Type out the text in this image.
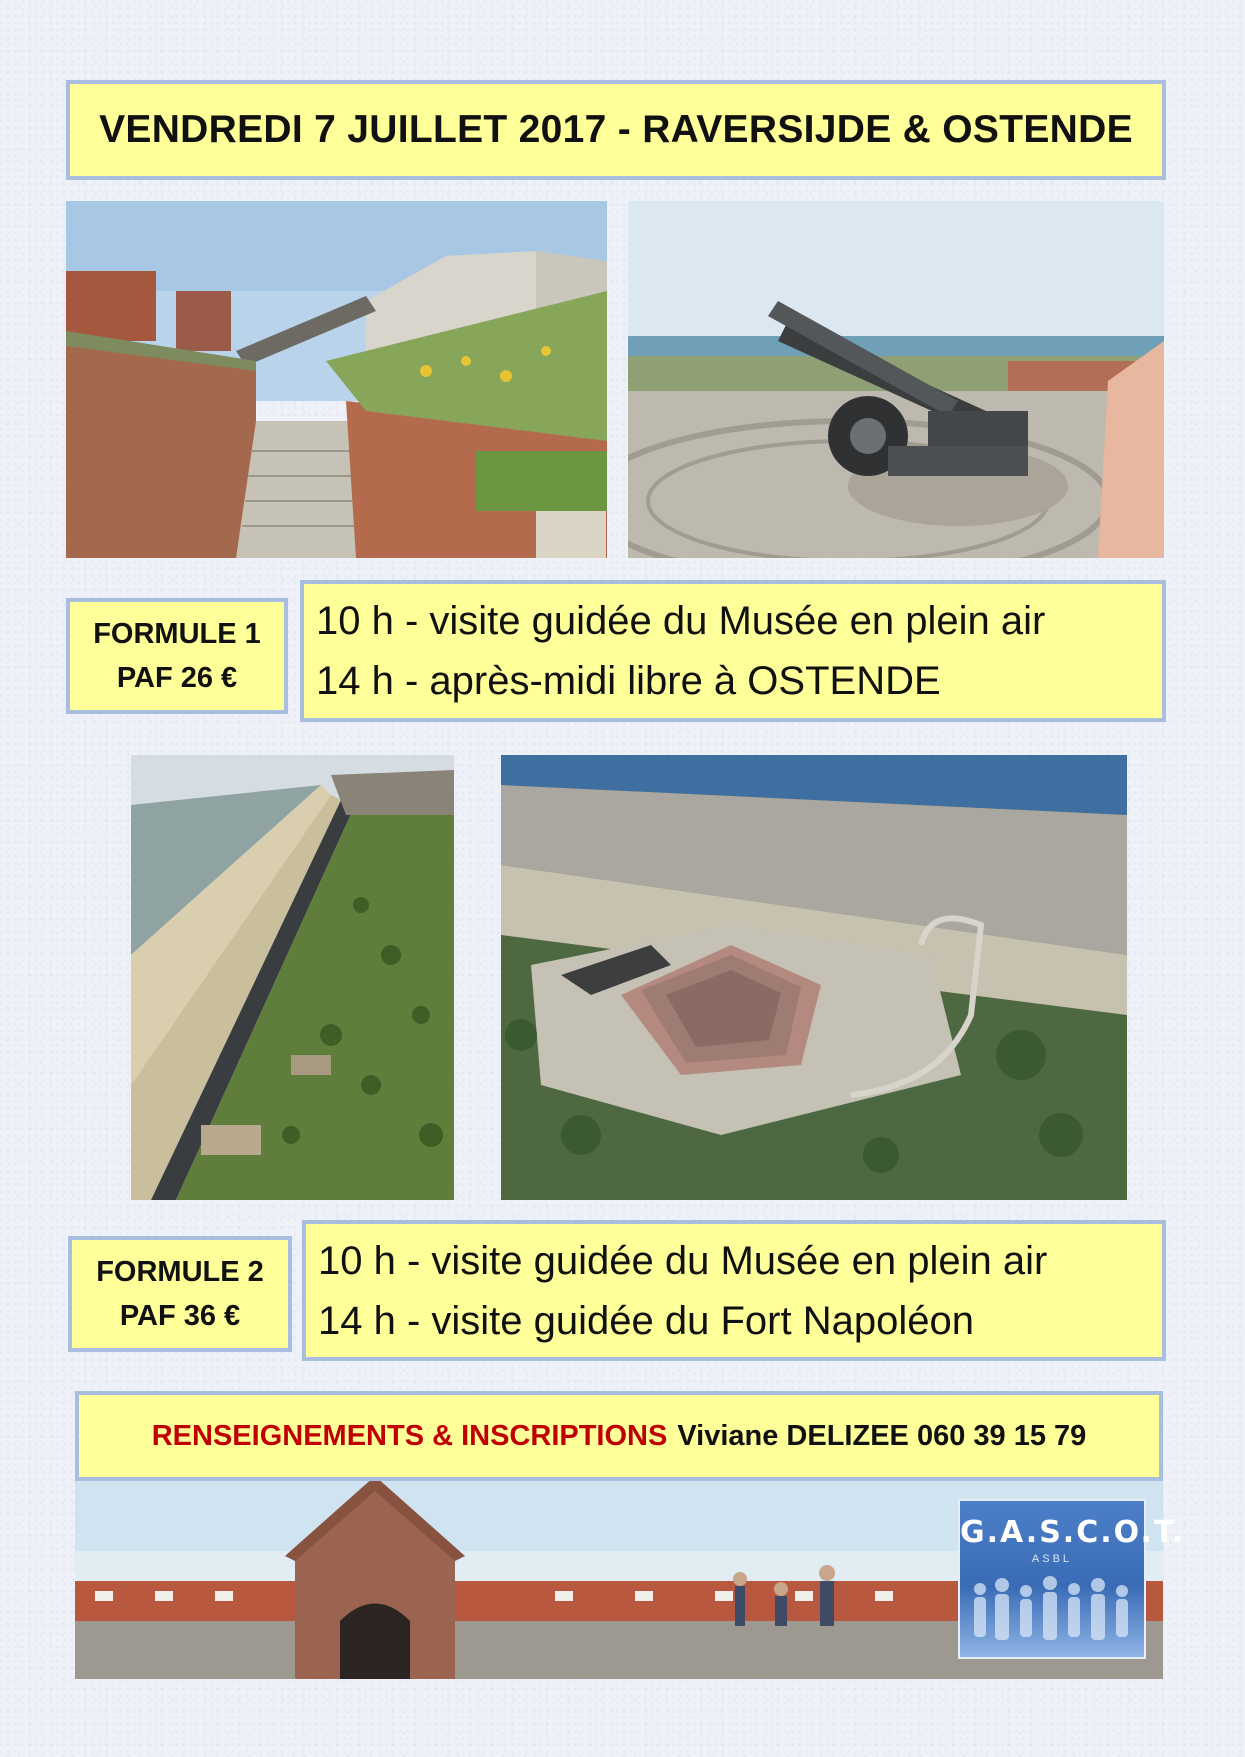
VENDREDI 7 JUILLET 2017 - RAVERSIJDE & OSTENDE
FORMULE 1
PAF 26 €
10 h - visite guidée du Musée en plein air
14 h - après-midi libre à OSTENDE
FORMULE 2
PAF 36 €
10 h - visite guidée du Musée en plein air
14 h - visite guidée du Fort Napoléon
RENSEIGNEMENTS & INSCRIPTIONS Viviane DELIZEE 060 39 15 79
G.A.S.C.O.T.
ASBL
